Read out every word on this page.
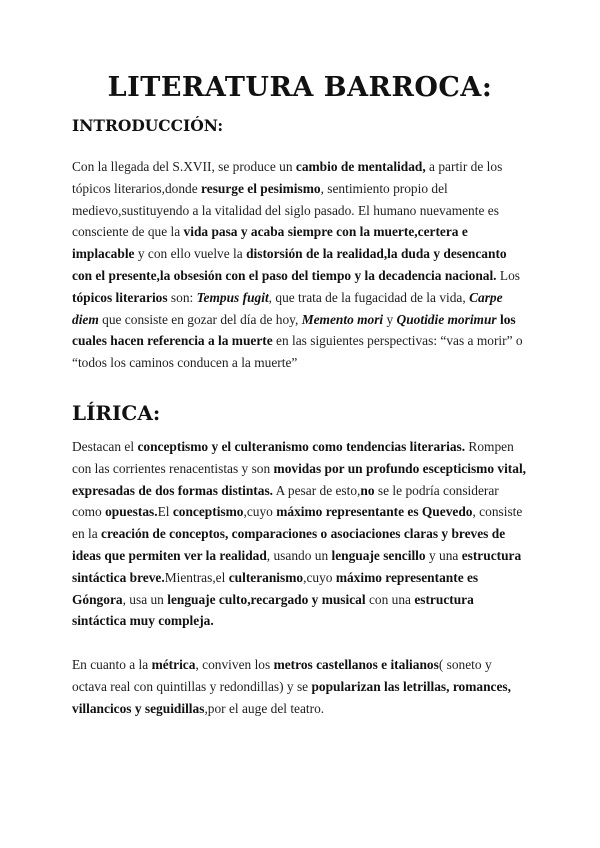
LITERATURA BARROCA:
INTRODUCCIÓN:

Con la llegada del S.XVII, se produce un cambio de mentalidad, a partir de los tópicos literarios,donde resurge el pesimismo, sentimiento propio del medievo,sustituyendo a la vitalidad del siglo pasado. El humano nuevamente es consciente de que la vida pasa y acaba siempre con la muerte,certera e implacable y con ello vuelve la distorsión de la realidad,la duda y desencanto con el presente,la obsesión con el paso del tiempo y la decadencia nacional. Los tópicos literarios son: Tempus fugit, que trata de la fugacidad de la vida, Carpe diem que consiste en gozar del día de hoy, Memento mori y Quotidie morimur los cuales hacen referencia a la muerte en las siguientes perspectivas: “vas a morir” o “todos los caminos conducen a la muerte”

LÍRICA:

Destacan el conceptismo y el culteranismo como tendencias literarias. Rompen con las corrientes renacentistas y son movidas por un profundo escepticismo vital, expresadas de dos formas distintas. A pesar de esto,no se le podría considerar como opuestas.El conceptismo,cuyo máximo representante es Quevedo, consiste en la creación de conceptos, comparaciones o asociaciones claras y breves de ideas que permiten ver la realidad, usando un lenguaje sencillo y una estructura sintáctica breve.Mientras,el culteranismo,cuyo máximo representante es Góngora, usa un lenguaje culto,recargado y musical con una estructura sintáctica muy compleja.

En cuanto a la métrica, conviven los metros castellanos e italianos( soneto y octava real con quintillas y redondillas) y se popularizan las letrillas, romances, villancicos y seguidillas,por el auge del teatro.
